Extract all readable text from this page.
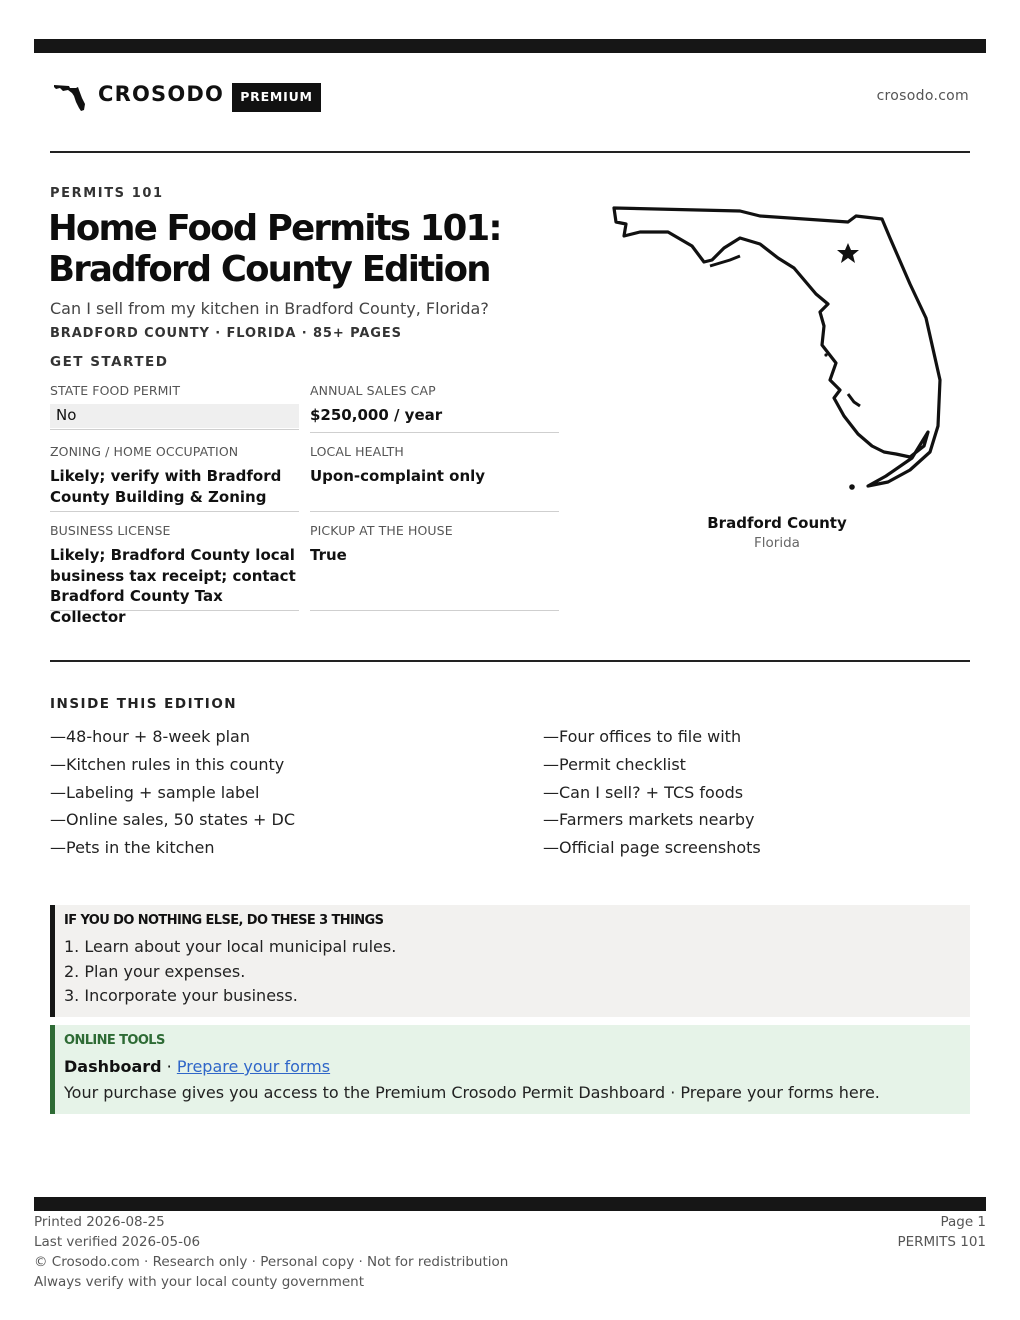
CROSODO	PREMIUM	crosodo.com
PERMITS 101
Home Food Permits 101:
Bradford County Edition
Can I sell from my kitchen in Bradford County, Florida?
BRADFORD COUNTY · FLORIDA · 85+ PAGES
GET STARTED
STATE FOOD PERMIT
No
ANNUAL SALES CAP
$250,000 / year
ZONING / HOME OCCUPATION
Likely; verify with Bradford County Building & Zoning
LOCAL HEALTH
Upon-complaint only
BUSINESS LICENSE
Likely; Bradford County local business tax receipt; contact Bradford County Tax Collector
PICKUP AT THE HOUSE
True
Bradford County
Florida
INSIDE THIS EDITION
—48-hour + 8-week plan
—Kitchen rules in this county
—Labeling + sample label
—Online sales, 50 states + DC
—Pets in the kitchen
—Four offices to file with
—Permit checklist
—Can I sell? + TCS foods
—Farmers markets nearby
—Official page screenshots
IF YOU DO NOTHING ELSE, DO THESE 3 THINGS
1. Learn about your local municipal rules.
2. Plan your expenses.
3. Incorporate your business.
ONLINE TOOLS
Dashboard · Prepare your forms
Your purchase gives you access to the Premium Crosodo Permit Dashboard · Prepare your forms here.
Printed 2026-08-25
Last verified 2026-05-06
© Crosodo.com · Research only · Personal copy · Not for redistribution
Always verify with your local county government
Page 1
PERMITS 101
